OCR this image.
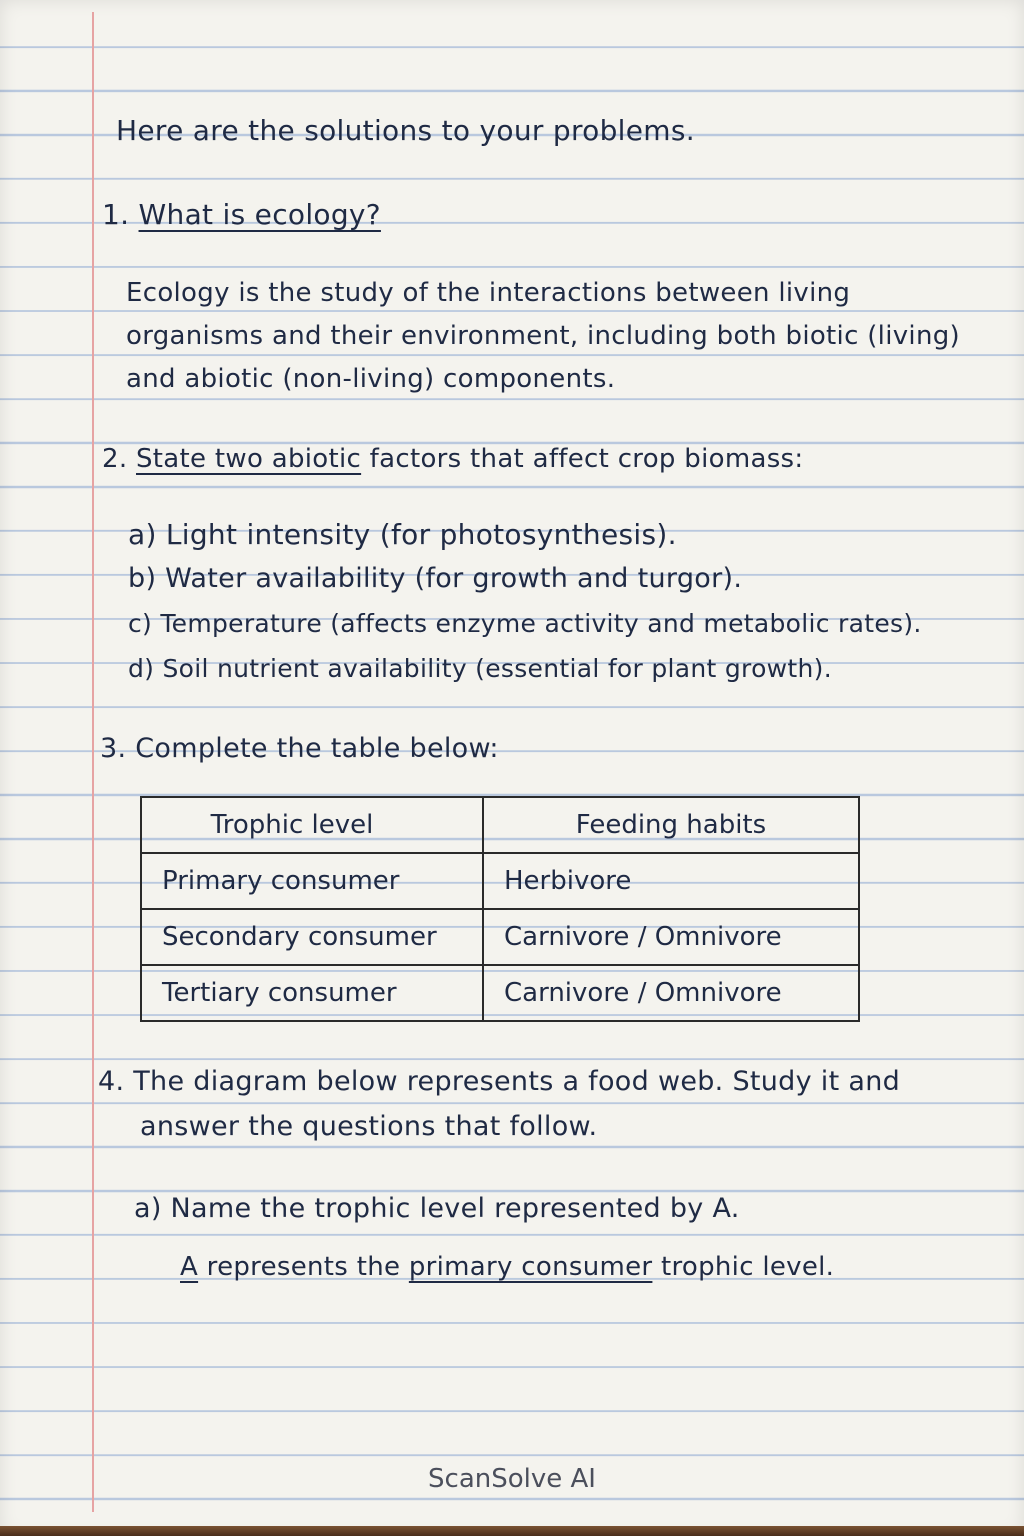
Here are the solutions to your problems.
1. What is ecology?
Ecology is the study of the interactions between living
organisms and their environment, including both biotic (living)
and abiotic (non-living) components.
2. State two abiotic factors that affect crop biomass:
a) Light intensity (for photosynthesis).
b) Water availability (for growth and turgor).
c) Temperature (affects enzyme activity and metabolic rates).
d) Soil nutrient availability (essential for plant growth).
3. Complete the table below:
Trophic level	Feeding habits
Primary consumer	Herbivore
Secondary consumer	Carnivore / Omnivore
Tertiary consumer	Carnivore / Omnivore
4. The diagram below represents a food web. Study it and
answer the questions that follow.
a) Name the trophic level represented by A.
A represents the primary consumer trophic level.
ScanSolve AI
